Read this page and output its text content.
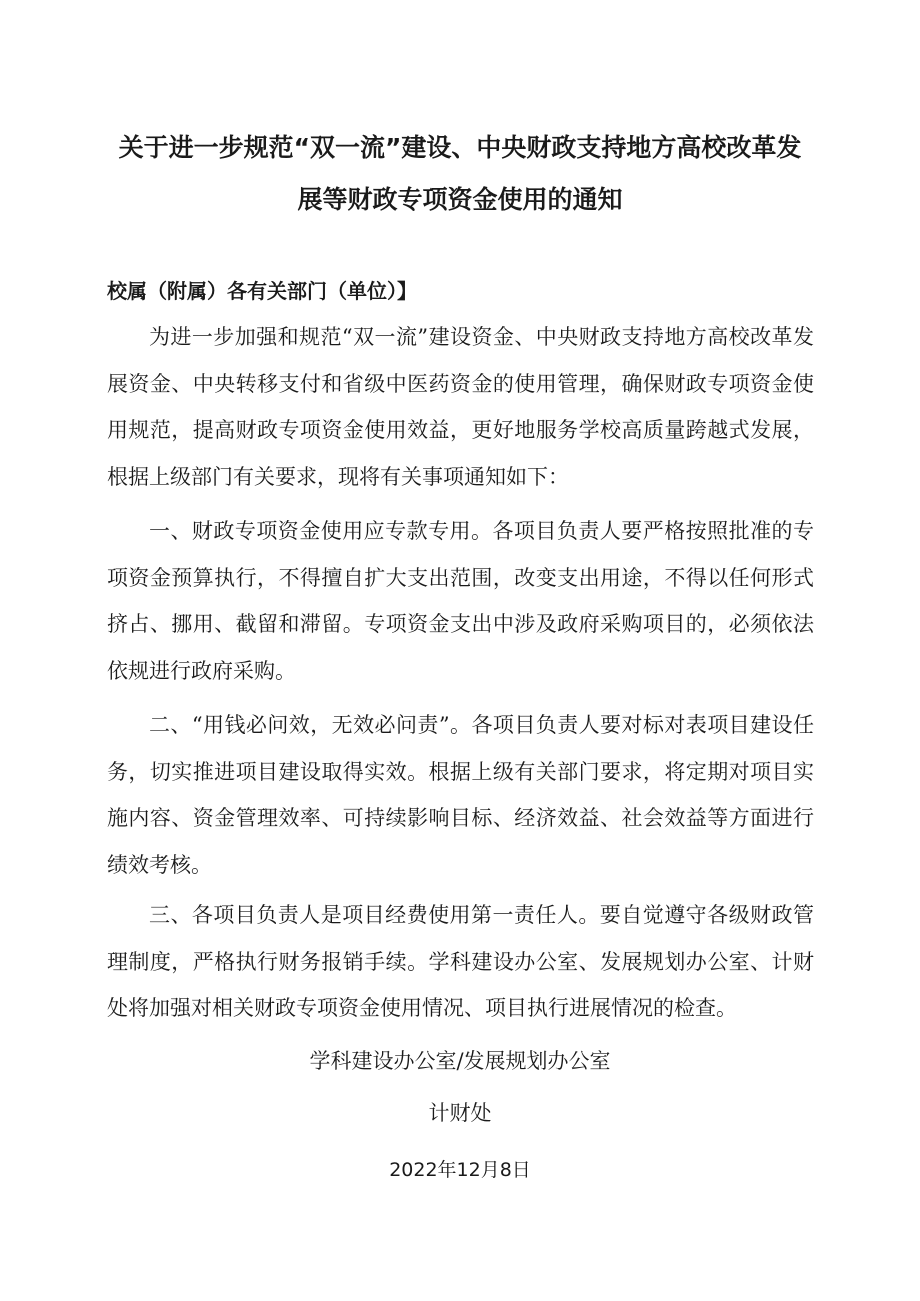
关于进一步规范“双一流”建设、中央财政支持地方高校改革发
展等财政专项资金使用的通知
校属（附属）各有关部门（单位）】

为进一步加强和规范“双一流”建设资金、中央财政支持地方高校改革发展资金、中央转移支付和省级中医药资金的使用管理，确保财政专项资金使用规范，提高财政专项资金使用效益，更好地服务学校高质量跨越式发展，根据上级部门有关要求，现将有关事项通知如下：

一、财政专项资金使用应专款专用。各项目负责人要严格按照批准的专项资金预算执行，不得擅自扩大支出范围，改变支出用途，不得以任何形式挤占、挪用、截留和滞留。专项资金支出中涉及政府采购项目的，必须依法依规进行政府采购。

二、“用钱必问效，无效必问责”。各项目负责人要对标对表项目建设任务，切实推进项目建设取得实效。根据上级有关部门要求，将定期对项目实施内容、资金管理效率、可持续影响目标、经济效益、社会效益等方面进行绩效考核。

三、各项目负责人是项目经费使用第一责任人。要自觉遵守各级财政管理制度，严格执行财务报销手续。学科建设办公室、发展规划办公室、计财处将加强对相关财政专项资金使用情况、项目执行进展情况的检查。

学科建设办公室/发展规划办公室
计财处
2022年12月8日
